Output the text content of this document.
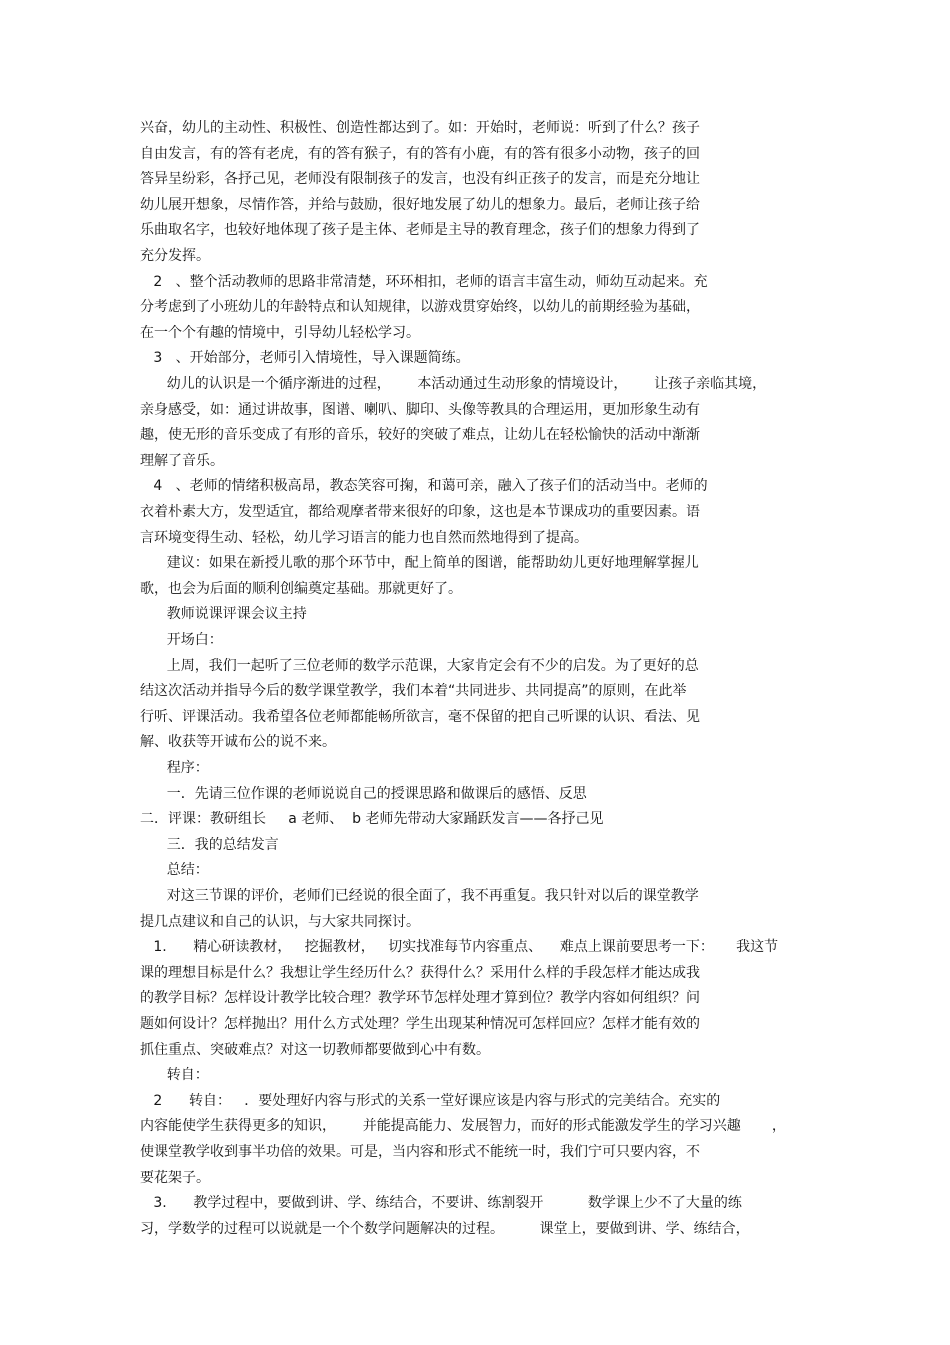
兴奋，幼儿的主动性、积极性、创造性都达到了。如：开始时，老师说：听到了什么？孩子
自由发言，有的答有老虎，有的答有猴子，有的答有小鹿，有的答有很多小动物，孩子的回
答异呈纷彩，各抒己见，老师没有限制孩子的发言，也没有纠正孩子的发言，而是充分地让
幼儿展开想象，尽情作答，并给与鼓励，很好地发展了幼儿的想象力。最后，老师让孩子给
乐曲取名字，也较好地体现了孩子是主体、老师是主导的教育理念，孩子们的想象力得到了
充分发挥。
2   、整个活动教师的思路非常清楚，环环相扣，老师的语言丰富生动，师幼互动起来。充
分考虑到了小班幼儿的年龄特点和认知规律，以游戏贯穿始终，以幼儿的前期经验为基础，
在一个个有趣的情境中，引导幼儿轻松学习。
3   、开始部分，老师引入情境性，导入课题简练。
幼儿的认识是一个循序渐进的过程，      本活动通过生动形象的情境设计，      让孩子亲临其境，
亲身感受，如：通过讲故事，图谱、喇叭、脚印、头像等教具的合理运用，更加形象生动有
趣，使无形的音乐变成了有形的音乐，较好的突破了难点，让幼儿在轻松愉快的活动中渐渐
理解了音乐。
4   、老师的情绪积极高昂，教态笑容可掬，和蔼可亲，融入了孩子们的活动当中。老师的
衣着朴素大方，发型适宜，都给观摩者带来很好的印象，这也是本节课成功的重要因素。语
言环境变得生动、轻松，幼儿学习语言的能力也自然而然地得到了提高。
建议：如果在新授儿歌的那个环节中，配上简单的图谱，能帮助幼儿更好地理解掌握儿
歌，也会为后面的顺利创编奠定基础。那就更好了。
教师说课评课会议主持
开场白：
上周，我们一起听了三位老师的数学示范课，大家肯定会有不少的启发。为了更好的总
结这次活动并指导今后的数学课堂教学，我们本着“共同进步、共同提高”的原则，在此举
行听、评课活动。我希望各位老师都能畅所欲言，毫不保留的把自己听课的认识、看法、见
解、收获等开诚布公的说不来。
程序：
一．先请三位作课的老师说说自己的授课思路和做课后的感悟、反思
二．评课：教研组长     a 老师、  b 老师先带动大家踊跃发言——各抒己见
三．我的总结发言
总结：
对这三节课的评价，老师们已经说的很全面了，我不再重复。我只针对以后的课堂教学
提几点建议和自己的认识，与大家共同探讨。
1.      精心研读教材，   挖掘教材，   切实找准每节内容重点、    难点上课前要思考一下：     我这节
课的理想目标是什么？我想让学生经历什么？获得什么？采用什么样的手段怎样才能达成我
的教学目标？怎样设计教学比较合理？教学环节怎样处理才算到位？教学内容如何组织？问
题如何设计？怎样抛出？用什么方式处理？学生出现某种情况可怎样回应？怎样才能有效的
抓住重点、突破难点？对这一切教师都要做到心中有数。
转自：
2      转自：   ．要处理好内容与形式的关系一堂好课应该是内容与形式的完美结合。充实的
内容能使学生获得更多的知识，      并能提高能力、发展智力，而好的形式能激发学生的学习兴趣       ，
使课堂教学收到事半功倍的效果。可是，当内容和形式不能统一时，我们宁可只要内容，不
要花架子。
3.      教学过程中，要做到讲、学、练结合，不要讲、练割裂开          数学课上少不了大量的练
习，学数学的过程可以说就是一个个数学问题解决的过程。        课堂上，要做到讲、学、练结合，
